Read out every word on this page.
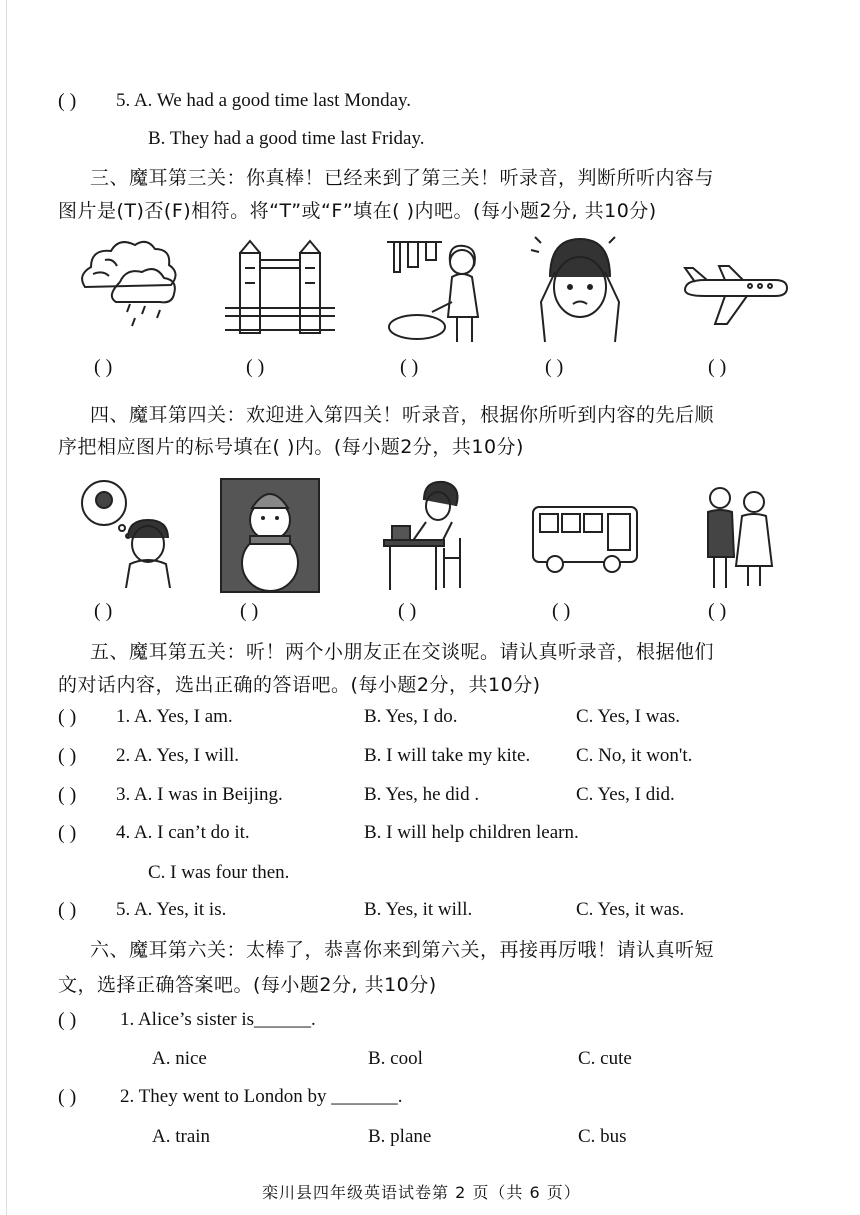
( ) 5. A. We had a good time last Monday.
B. They had a good time last Friday.
三、魔耳第三关：你真棒！已经来到了第三关！听录音，判断所听内容与
图片是(T)否(F)相符。将“T”或“F”填在( )内吧。(每小题2分, 共10分)
( )	( )	( )	( )	( )
四、魔耳第四关：欢迎进入第四关！听录音，根据你所听到内容的先后顺
序把相应图片的标号填在( )内。(每小题2分，共10分)
( )	( )	( )	( )	( )
五、魔耳第五关：听！两个小朋友正在交谈呢。请认真听录音，根据他们
的对话内容，选出正确的答语吧。(每小题2分，共10分)
( ) 1. A. Yes, I am.	B. Yes, I do.	C. Yes, I was.
( ) 2. A. Yes, I will.	B. I will take my kite. C. No, it won't.
( ) 3. A. I was in Beijing.	B. Yes, he did .	C. Yes, I did.
( ) 4. A. I can’t do it.	B. I will help children learn.
C. I was four then.
( ) 5. A. Yes, it is.	B. Yes, it will.	C. Yes, it was.
六、魔耳第六关：太棒了，恭喜你来到第六关，再接再厉哦！请认真听短
文，选择正确答案吧。(每小题2分, 共10分)
( ) 1. Alice’s sister is______.
A. nice	B. cool	C. cute
( ) 2. They went to London by _______.
A. train	B. plane	C. bus
栾川县四年级英语试卷第 2 页（共 6 页）
